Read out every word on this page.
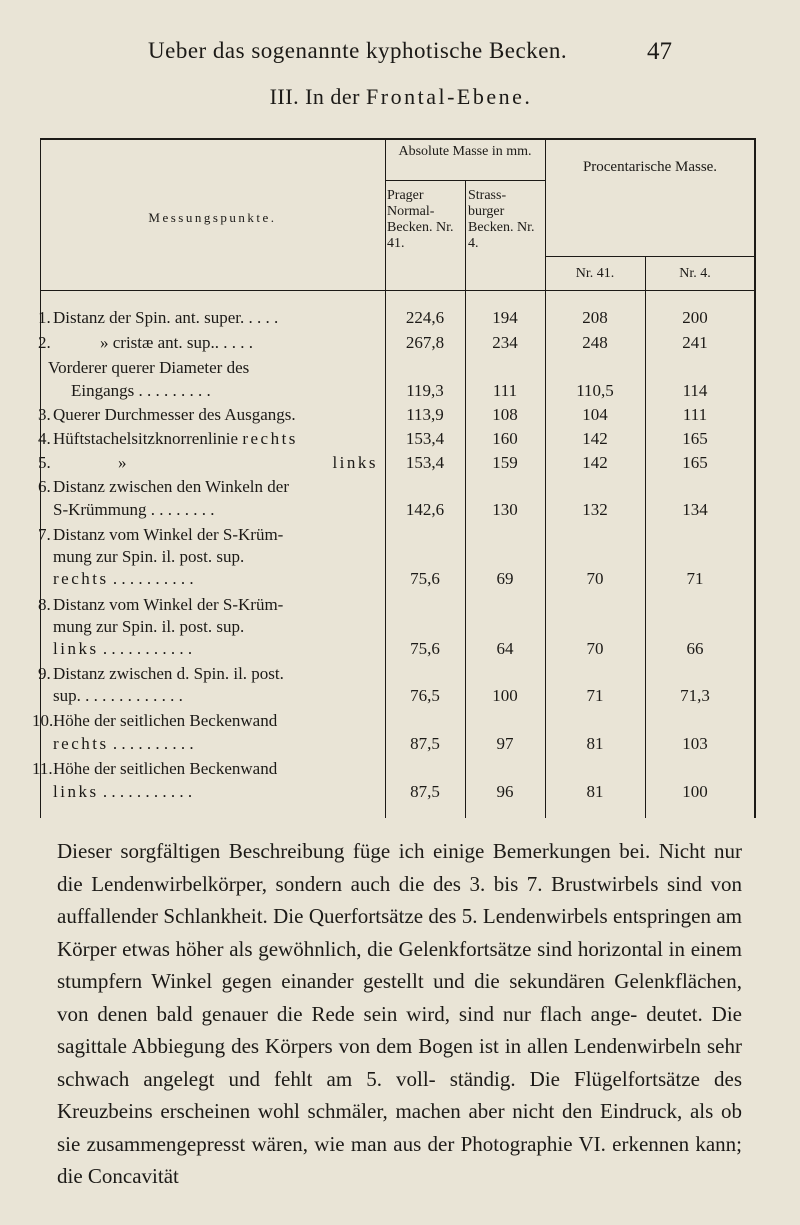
Ueber das sogenannte kyphotische Becken.	47
III. In der Frontal-Ebene.
Messungspunkte.
Absolute Masse in mm.
Prager Normal- Becken. Nr. 41.
Strass- burger Becken. Nr. 4.
Procentarische Masse.
Nr. 41.	Nr. 4.
1. Distanz der Spin. ant. super. . . . .	224,6	194	208	200
2.	» cristæ ant. sup.. . . . .	267,8	234	248	241
Vorderer querer Diameter des
Eingangs . . . . . . . . .	119,3	111	110,5	114
3. Querer Durchmesser des Ausgangs.	113,9	108	104	111
4. Hüftstachelsitzknorrenlinie rechts	153,4	160	142	165
5.	»	links	153,4	159	142	165
6. Distanz zwischen den Winkeln der
S-Krümmung . . . . . . . .	142,6	130	132	134
7. Distanz vom Winkel der S-Krüm-
mung zur Spin. il. post. sup.
rechts . . . . . . . . . .	75,6	69	70	71
8. Distanz vom Winkel der S-Krüm-
mung zur Spin. il. post. sup.
links . . . . . . . . . . .	75,6	64	70	66
9. Distanz zwischen d. Spin. il. post.
sup. . . . . . . . . . . . .	76,5	100	71	71,3
10. Höhe der seitlichen Beckenwand
rechts . . . . . . . . . .	87,5	97	81	103
11. Höhe der seitlichen Beckenwand
links . . . . . . . . . . .	87,5	96	81	100

Dieser sorgfältigen Beschreibung füge ich einige Bemerkungen bei. Nicht nur die Lendenwirbelkörper, sondern auch die des 3. bis 7. Brustwirbels sind von auffallender Schlankheit. Die Querfortsätze des 5. Lendenwirbels entspringen am Körper etwas höher als gewöhnlich, die Gelenkfortsätze sind horizontal in einem stumpfern Winkel gegen einander gestellt und die sekundären Gelenkflächen, von denen bald genauer die Rede sein wird, sind nur flach ange- deutet. Die sagittale Abbiegung des Körpers von dem Bogen ist in allen Lendenwirbeln sehr schwach angelegt und fehlt am 5. voll- ständig. Die Flügelfortsätze des Kreuzbeins erscheinen wohl schmäler, machen aber nicht den Eindruck, als ob sie zusammengepresst wären, wie man aus der Photographie VI. erkennen kann; die Concavität
